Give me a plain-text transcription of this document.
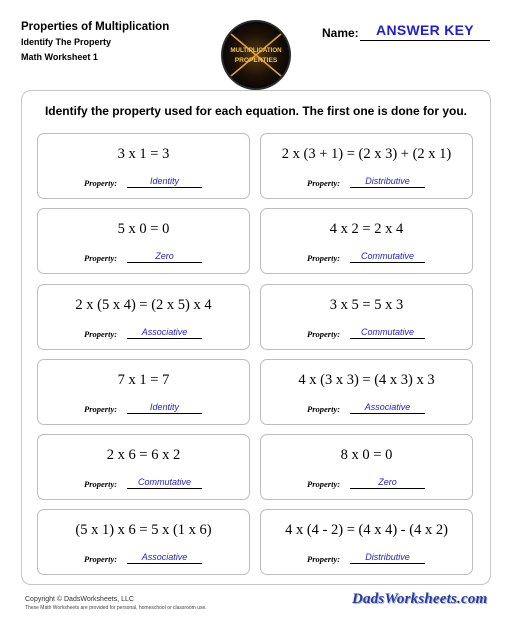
Properties of Multiplication
Identify The Property
Math Worksheet 1
MULTIPLICATION
PROPERTIES
Name:	ANSWER KEY
Identify the property used for each equation. The first one is done for you.
3 x 1 = 3
Property:	Identity
2 x (3 + 1) = (2 x 3) + (2 x 1)
Property:	Distributive
5 x 0 = 0
Property:	Zero
4 x 2 = 2 x 4
Property:	Commutative
2 x (5 x 4) = (2 x 5) x 4
Property:	Associative
3 x 5 = 5 x 3
Property:	Commutative
7 x 1 = 7
Property:	Identity
4 x (3 x 3) = (4 x 3) x 3
Property:	Associative
2 x 6 = 6 x 2
Property:	Commutative
8 x 0 = 0
Property:	Zero
(5 x 1) x 6 = 5 x (1 x 6)
Property:	Associative
4 x (4 - 2) = (4 x 4) - (4 x 2)
Property:	Distributive
Copyright © DadsWorksheets, LLC
These Math Worksheets are provided for personal, homeschool or classroom use.
DadsWorksheets.com
